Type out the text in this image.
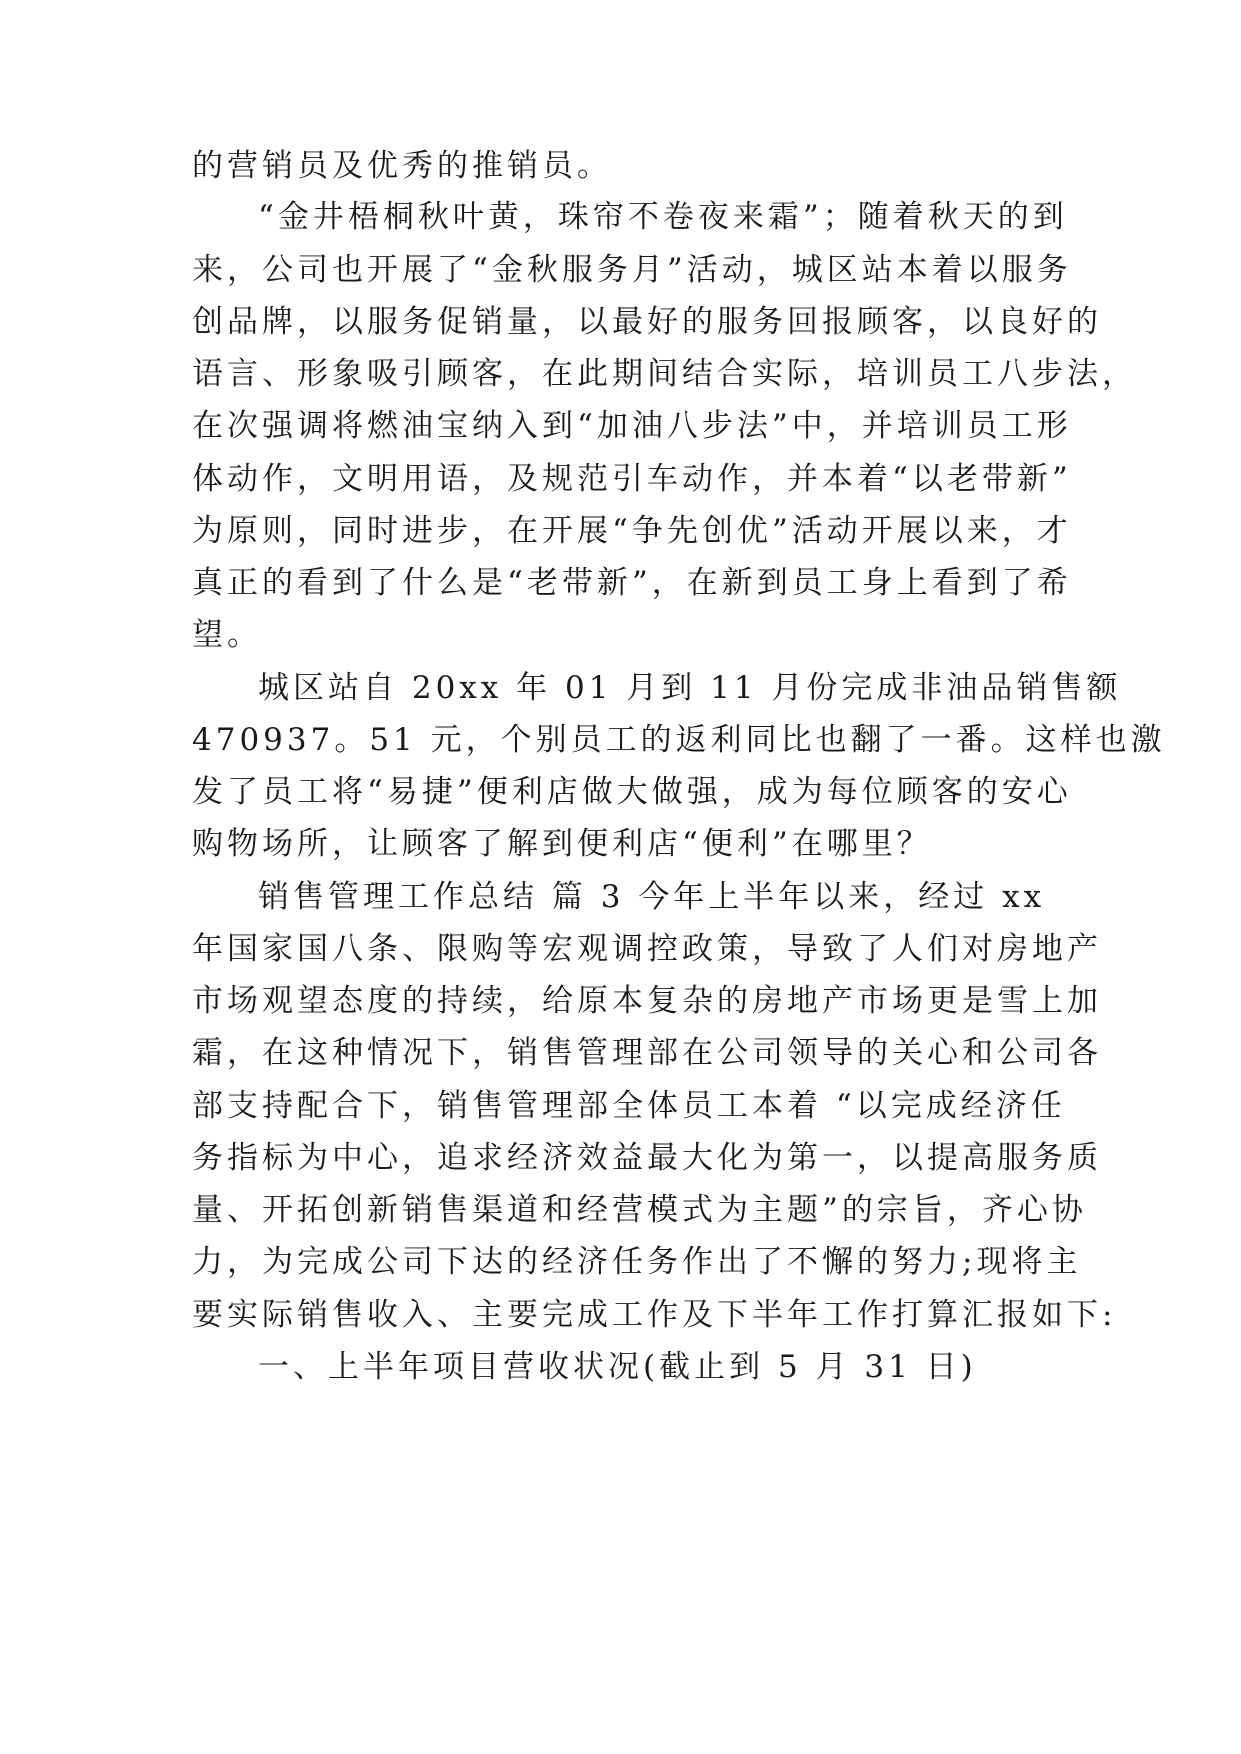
的营销员及优秀的推销员。
“金井梧桐秋叶黄，珠帘不卷夜来霜”；随着秋天的到
来，公司也开展了“金秋服务月”活动，城区站本着以服务
创品牌，以服务促销量，以最好的服务回报顾客，以良好的
语言、形象吸引顾客，在此期间结合实际，培训员工八步法，
在次强调将燃油宝纳入到“加油八步法”中，并培训员工形
体动作，文明用语，及规范引车动作，并本着“以老带新”
为原则，同时进步，在开展“争先创优”活动开展以来，才
真正的看到了什么是“老带新”，在新到员工身上看到了希
望。
城区站自 20xx 年 01 月到 11 月份完成非油品销售额
470937。51 元，个别员工的返利同比也翻了一番。这样也激
发了员工将“易捷”便利店做大做强，成为每位顾客的安心
购物场所，让顾客了解到便利店“便利”在哪里？
销售管理工作总结 篇 3 今年上半年以来，经过 xx
年国家国八条、限购等宏观调控政策，导致了人们对房地产
市场观望态度的持续，给原本复杂的房地产市场更是雪上加
霜，在这种情况下，销售管理部在公司领导的关心和公司各
部支持配合下，销售管理部全体员工本着 “以完成经济任
务指标为中心，追求经济效益最大化为第一，以提高服务质
量、开拓创新销售渠道和经营模式为主题”的宗旨，齐心协
力，为完成公司下达的经济任务作出了不懈的努力;现将主
要实际销售收入、主要完成工作及下半年工作打算汇报如下:
一、上半年项目营收状况(截止到 5 月 31 日)
